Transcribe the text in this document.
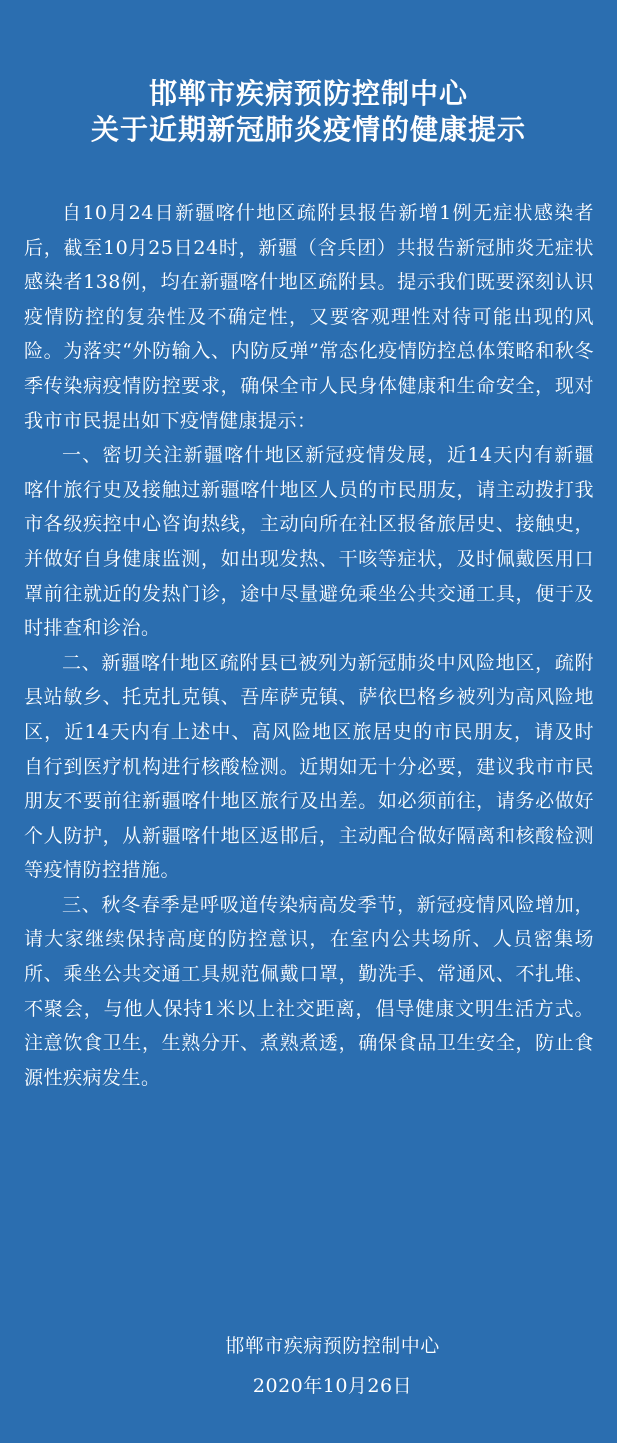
邯郸市疾病预防控制中心
关于近期新冠肺炎疫情的健康提示

自10月24日新疆喀什地区疏附县报告新增1例无症状感染者后，截至10月25日24时，新疆（含兵团）共报告新冠肺炎无症状感染者138例，均在新疆喀什地区疏附县。提示我们既要深刻认识疫情防控的复杂性及不确定性，又要客观理性对待可能出现的风险。为落实“外防输入、内防反弹”常态化疫情防控总体策略和秋冬季传染病疫情防控要求，确保全市人民身体健康和生命安全，现对我市市民提出如下疫情健康提示：

一、密切关注新疆喀什地区新冠疫情发展，近14天内有新疆喀什旅行史及接触过新疆喀什地区人员的市民朋友，请主动拨打我市各级疾控中心咨询热线，主动向所在社区报备旅居史、接触史，并做好自身健康监测，如出现发热、干咳等症状，及时佩戴医用口罩前往就近的发热门诊，途中尽量避免乘坐公共交通工具，便于及时排查和诊治。

二、新疆喀什地区疏附县已被列为新冠肺炎中风险地区，疏附县站敏乡、托克扎克镇、吾库萨克镇、萨依巴格乡被列为高风险地区，近14天内有上述中、高风险地区旅居史的市民朋友，请及时自行到医疗机构进行核酸检测。近期如无十分必要，建议我市市民朋友不要前往新疆喀什地区旅行及出差。如必须前往，请务必做好个人防护，从新疆喀什地区返邯后，主动配合做好隔离和核酸检测等疫情防控措施。

三、秋冬春季是呼吸道传染病高发季节，新冠疫情风险增加，请大家继续保持高度的防控意识，在室内公共场所、人员密集场所、乘坐公共交通工具规范佩戴口罩，勤洗手、常通风、不扎堆、不聚会，与他人保持1米以上社交距离，倡导健康文明生活方式。注意饮食卫生，生熟分开、煮熟煮透，确保食品卫生安全，防止食源性疾病发生。

邯郸市疾病预防控制中心
2020年10月26日
